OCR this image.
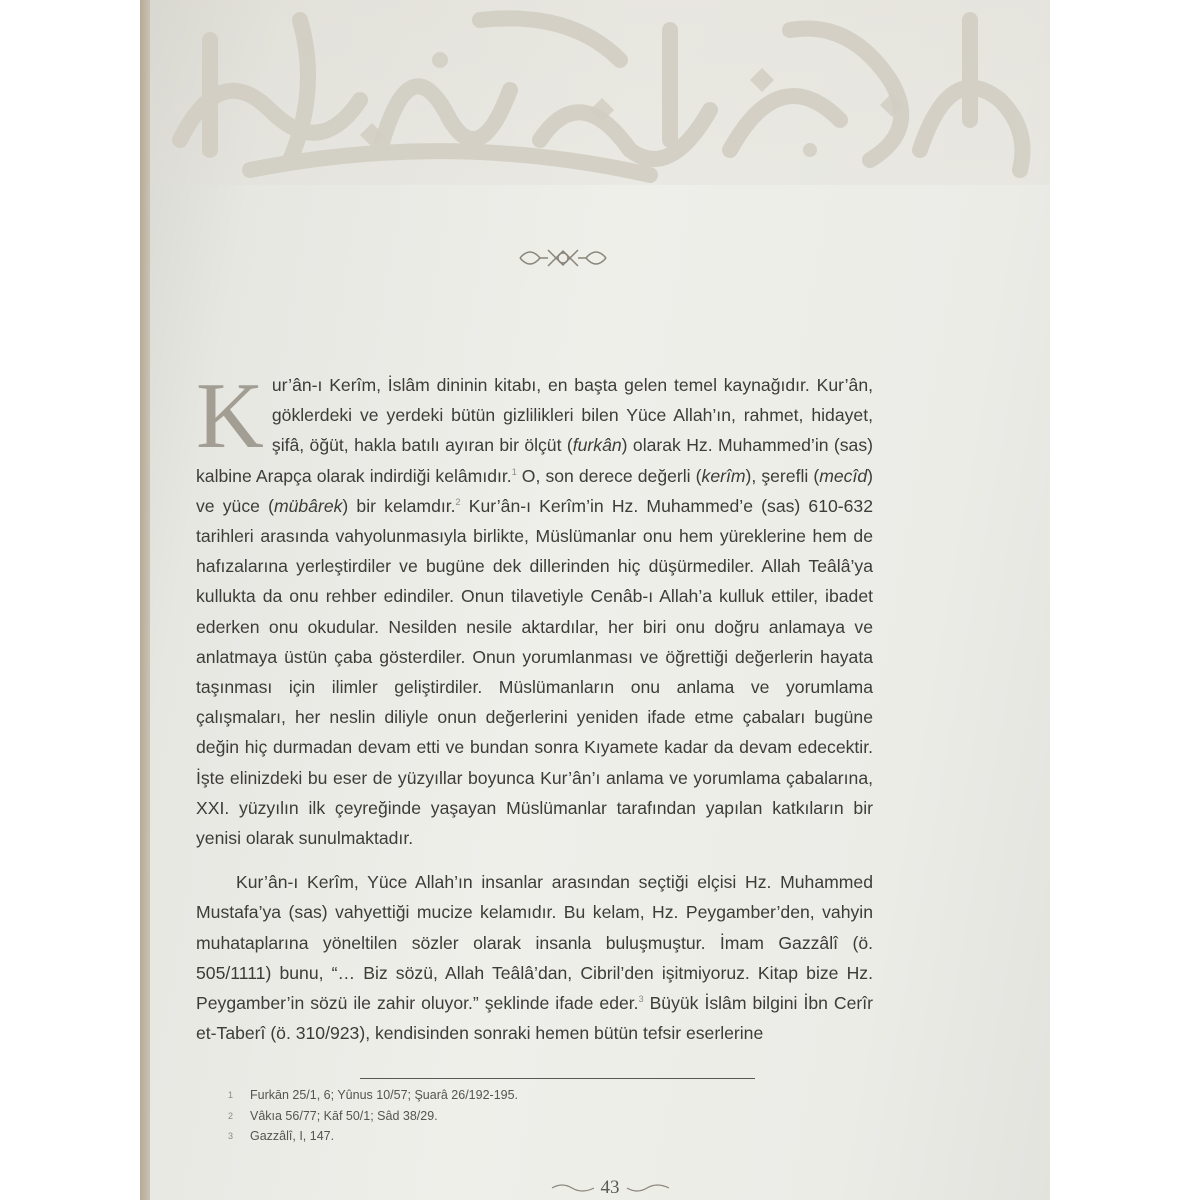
Kur’ân-ı Kerîm, İslâm dininin kitabı, en başta gelen temel kaynağıdır. Kur’ân, göklerdeki ve yerdeki bütün gizlilikleri bilen Yüce Allah’ın, rahmet, hidayet, şifâ, öğüt, hakla batılı ayıran bir ölçüt (furkân) olarak Hz. Muhammed’in (sas) kalbine Arapça olarak indirdiği kelâmıdır.$^1$ O, son derece değerli (kerîm), şerefli (mecîd) ve yüce (mübârek) bir kelamdır.$^2$ Kur’ân-ı Kerîm’in Hz. Muhammed’e (sas) 610-632 tarihleri arasında vahyolunmasıyla birlikte, Müslümanlar onu hem yüreklerine hem de hafızalarına yerleştirdiler ve bugüne dek dillerinden hiç düşürmediler. Allah Teâlâ’ya kullukta da onu rehber edindiler. Onun tilavetiyle Cenâb-ı Allah’a kulluk ettiler, ibadet ederken onu okudular. Nesilden nesile aktardılar, her biri onu doğru anlamaya ve anlatmaya üstün çaba gösterdiler. Onun yorumlanması ve öğrettiği değerlerin hayata taşınması için ilimler geliştirdiler. Müslümanların onu anlama ve yorumlama çalışmaları, her neslin diliyle onun değerlerini yeniden ifade etme çabaları bugüne değin hiç durmadan devam etti ve bundan sonra Kıyamete kadar da devam edecektir. İşte elinizdeki bu eser de yüzyıllar boyunca Kur’ân’ı anlama ve yorumlama çabalarına, XXI. yüzyılın ilk çeyreğinde yaşayan Müslümanlar tarafından yapılan katkıların bir yenisi olarak sunulmaktadır.

Kur’ân-ı Kerîm, Yüce Allah’ın insanlar arasından seçtiği elçisi Hz. Muhammed Mustafa’ya (sas) vahyettiği mucize kelamıdır. Bu kelam, Hz. Peygamber’den, vahyin muhataplarına yöneltilen sözler olarak insanla buluşmuştur. İmam Gazzâlî (ö. 505/1111) bunu, “… Biz sözü, Allah Teâlâ’dan, Cibril’den işitmiyoruz. Kitap bize Hz. Peygamber’in sözü ile zahir oluyor.” şeklinde ifade eder.$^3$ Büyük İslâm bilgini İbn Cerîr et-Taberî (ö. 310/923), kendisinden sonraki hemen bütün tefsir eserlerine

1	Furkān 25/1, 6; Yûnus 10/57; Şuarâ 26/192-195.
2	Vâkıa 56/77; Kāf 50/1; Sâd 38/29.
3	Gazzâlî, I, 147.
43
